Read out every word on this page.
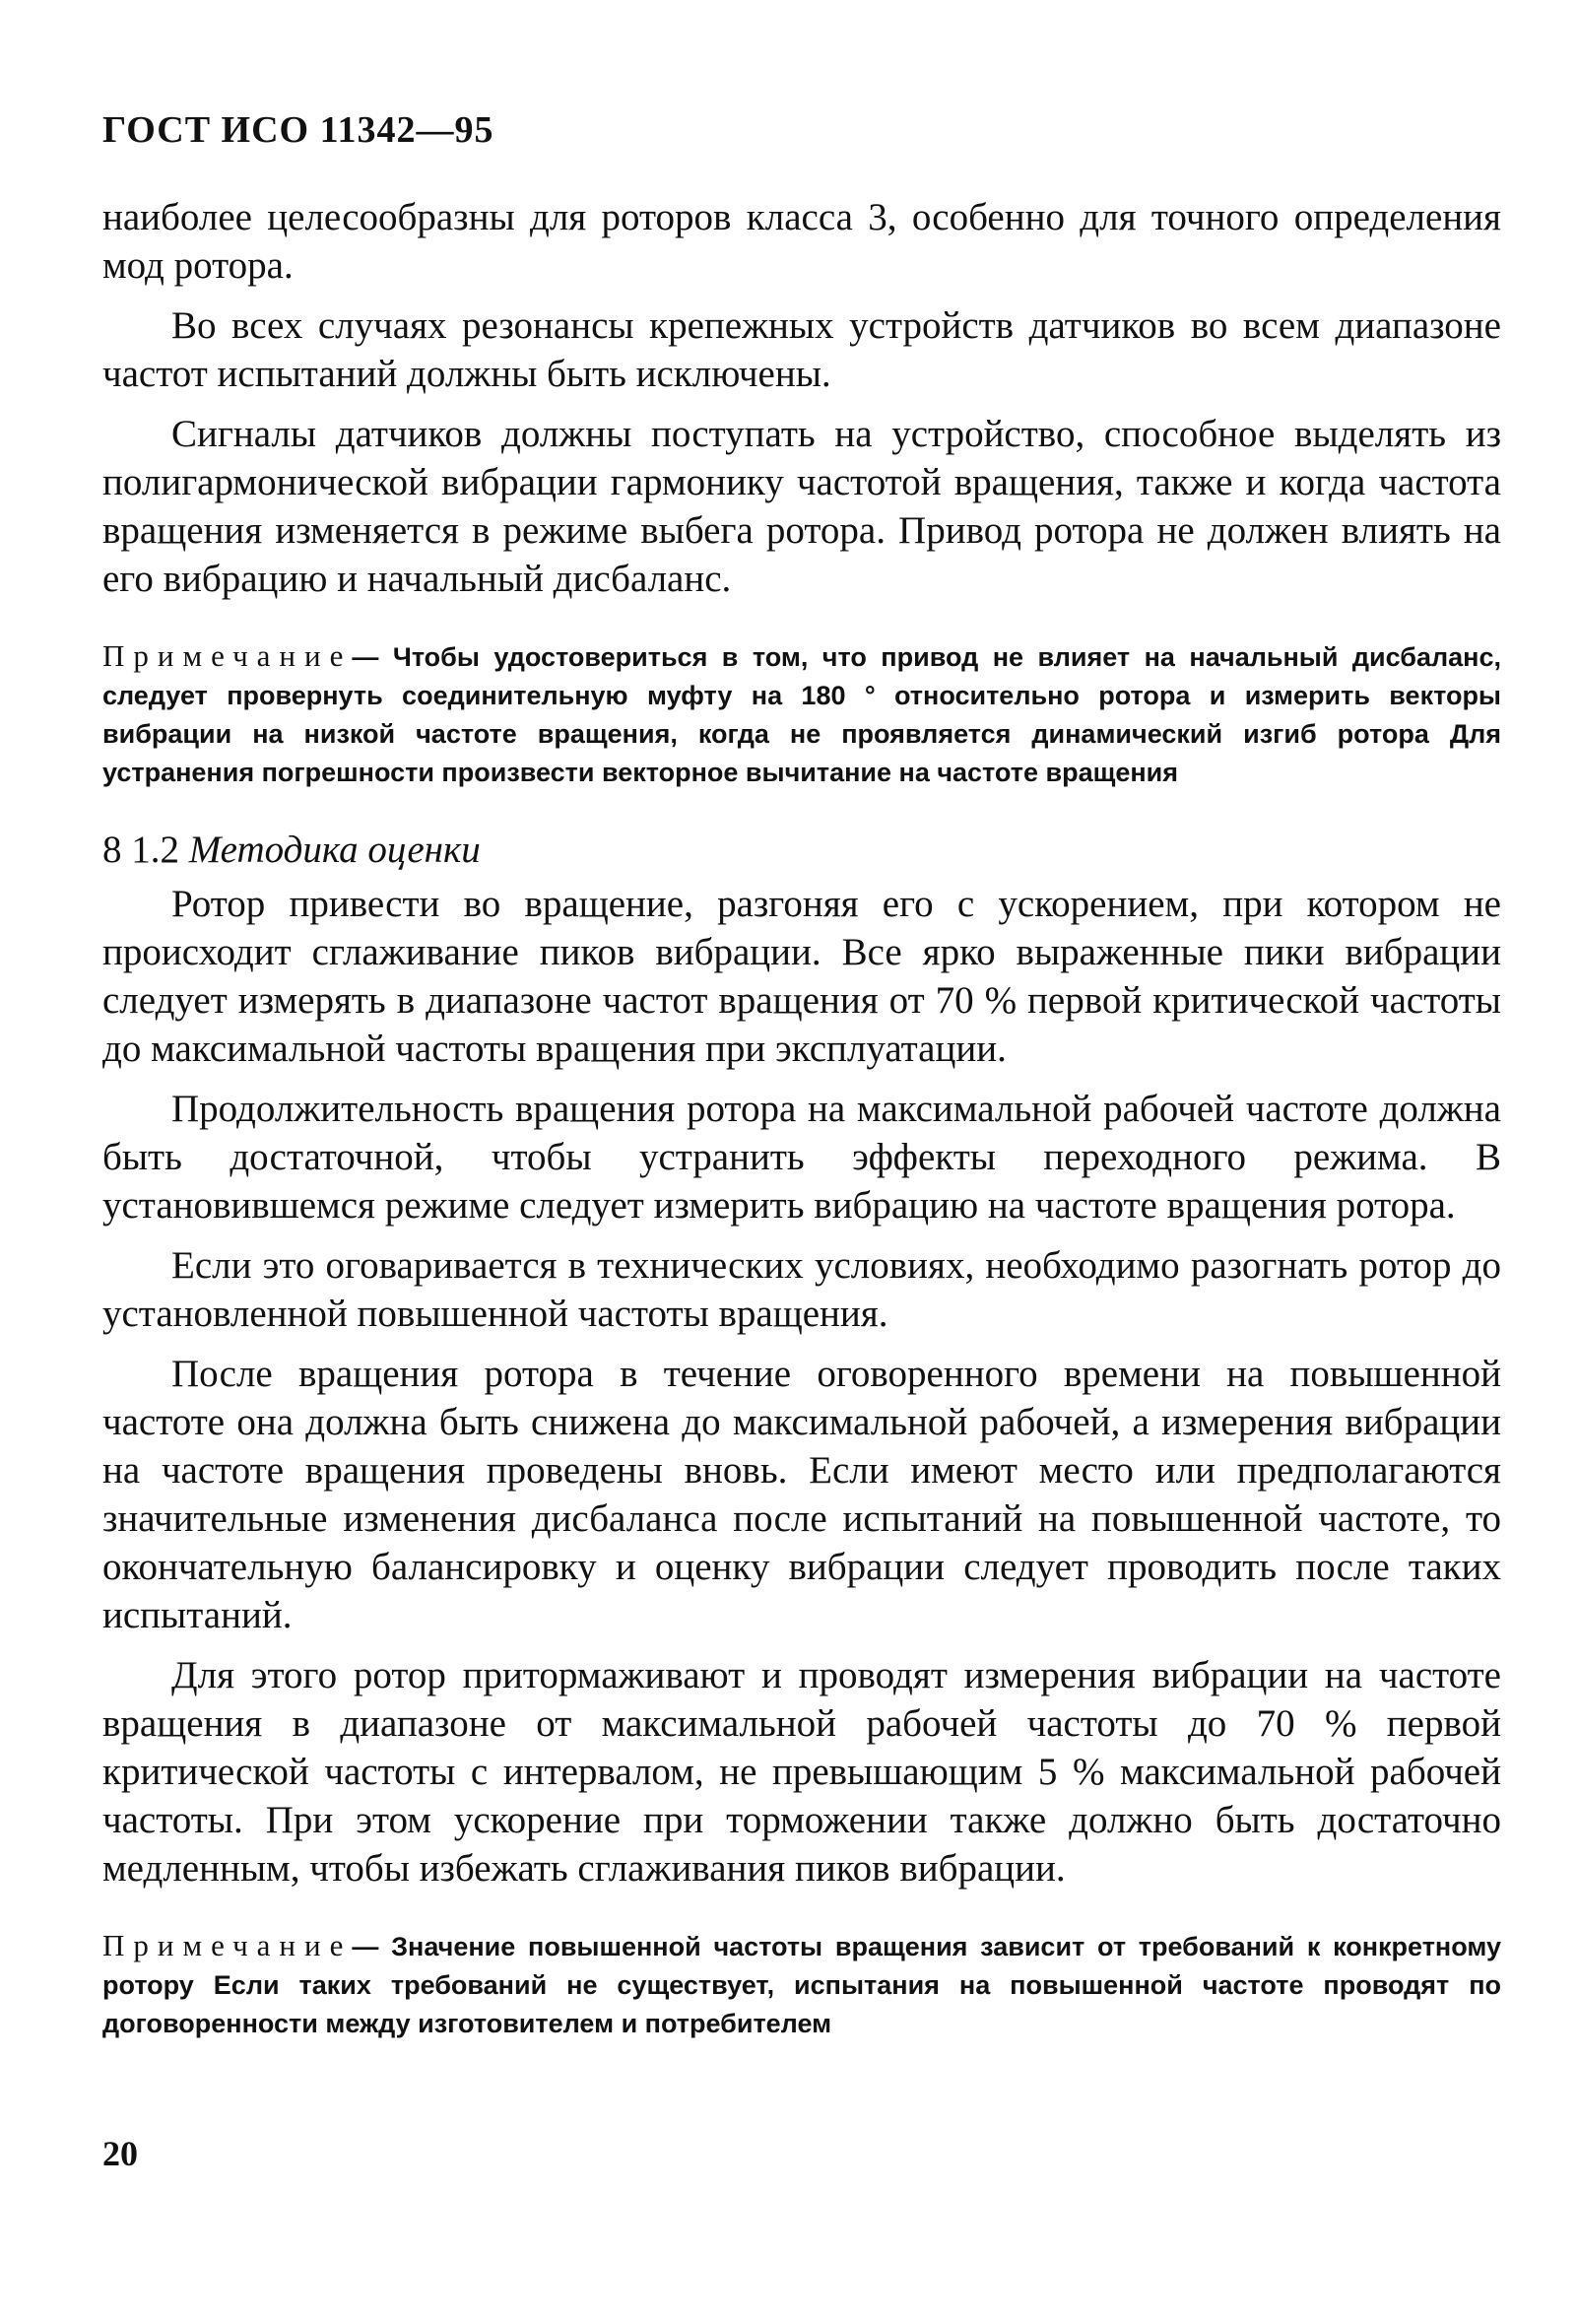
ГОСТ ИСО 11342—95

наиболее целесообразны для роторов класса 3, особенно для точного определения мод ротора.

Во всех случаях резонансы крепежных устройств датчиков во всем диапазоне частот испытаний должны быть исключены.

Сигналы датчиков должны поступать на устройство, способное выделять из полигармонической вибрации гармонику частотой вращения, также и когда частота вращения изменяется в режиме выбега ротора. Привод ротора не должен влиять на его вибрацию и начальный дисбаланс.

Примечание— Чтобы удостовериться в том, что привод не влияет на начальный дисбаланс, следует провернуть соединительную муфту на 180 ° относительно ротора и измерить векторы вибрации на низкой частоте вращения, когда не проявляется динамический изгиб ротора Для устранения погрешности произвести векторное вычитание на частоте вращения
8 1.2 Методика оценки

Ротор привести во вращение, разгоняя его с ускорением, при котором не происходит сглаживание пиков вибрации. Все ярко выраженные пики вибрации следует измерять в диапазоне частот вращения от 70 % первой критической частоты до максимальной частоты вращения при эксплуатации.

Продолжительность вращения ротора на максимальной рабочей частоте должна быть достаточной, чтобы устранить эффекты переходного режима. В установившемся режиме следует измерить вибрацию на частоте вращения ротора.

Если это оговаривается в технических условиях, необходимо разогнать ротор до установленной повышенной частоты вращения.

После вращения ротора в течение оговоренного времени на повышенной частоте она должна быть снижена до максимальной рабочей, а измерения вибрации на частоте вращения проведены вновь. Если имеют место или предполагаются значительные изменения дисбаланса после испытаний на повышенной частоте, то окончательную балансировку и оценку вибрации следует проводить после таких испытаний.

Для этого ротор притормаживают и проводят измерения вибрации на частоте вращения в диапазоне от максимальной рабочей частоты до 70 % первой критической частоты с интервалом, не превышающим 5 % максимальной рабочей частоты. При этом ускорение при торможении также должно быть достаточно медленным, чтобы избежать сглаживания пиков вибрации.

Примечание— Значение повышенной частоты вращения зависит от требований к конкретному ротору Если таких требований не существует, испытания на повышенной частоте проводят по договоренности между изготовителем и потребителем
20
